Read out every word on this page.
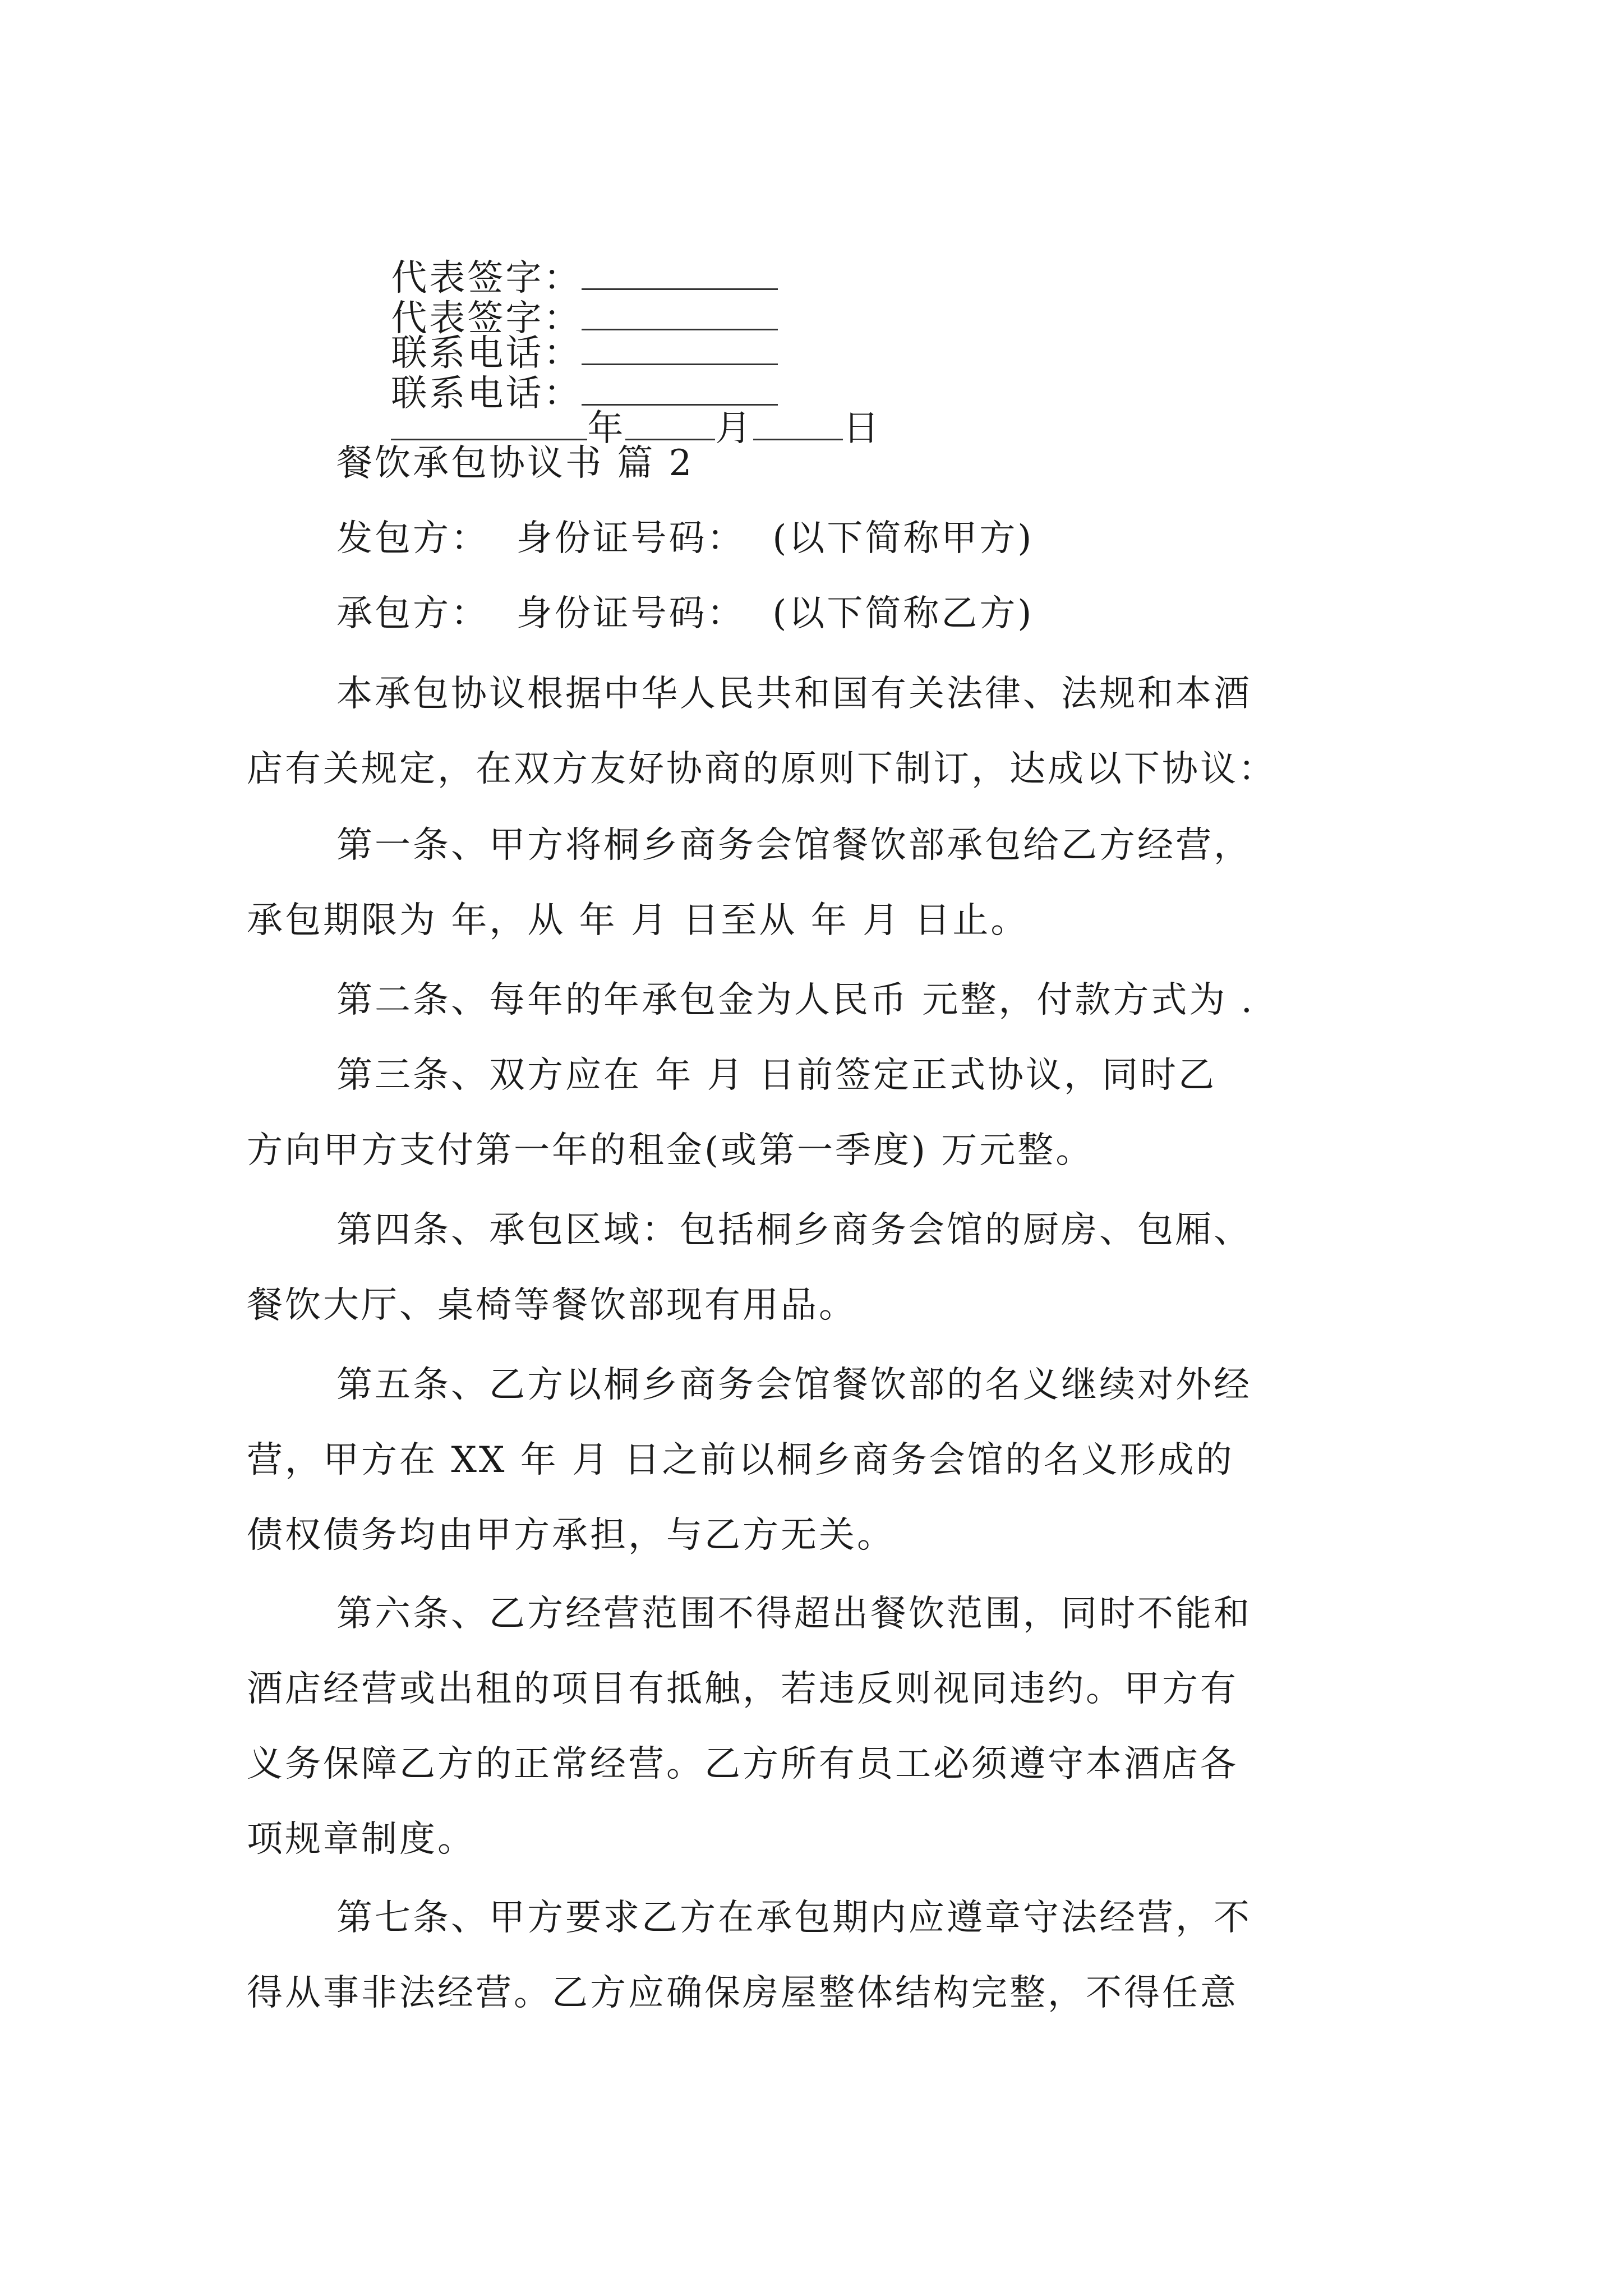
代表签字：
代表签字：

联系电话：
联系电话：

年	月	日

餐饮承包协议书 篇 2
发包方：  身份证号码：  (以下简称甲方)
承包方：  身份证号码：  (以下简称乙方)
本承包协议根据中华人民共和国有关法律、法规和本酒
店有关规定，在双方友好协商的原则下制订，达成以下协议：
第一条、甲方将桐乡商务会馆餐饮部承包给乙方经营，
承包期限为 年，从 年 月 日至从 年 月 日止。
第二条、每年的年承包金为人民币 元整，付款方式为 .
第三条、双方应在 年 月 日前签定正式协议，同时乙
方向甲方支付第一年的租金(或第一季度) 万元整。
第四条、承包区域：包括桐乡商务会馆的厨房、包厢、
餐饮大厅、桌椅等餐饮部现有用品。
第五条、乙方以桐乡商务会馆餐饮部的名义继续对外经
营，甲方在 XX 年 月 日之前以桐乡商务会馆的名义形成的
债权债务均由甲方承担，与乙方无关。
第六条、乙方经营范围不得超出餐饮范围，同时不能和
酒店经营或出租的项目有抵触，若违反则视同违约。甲方有
义务保障乙方的正常经营。乙方所有员工必须遵守本酒店各
项规章制度。
第七条、甲方要求乙方在承包期内应遵章守法经营，不
得从事非法经营。乙方应确保房屋整体结构完整，不得任意
